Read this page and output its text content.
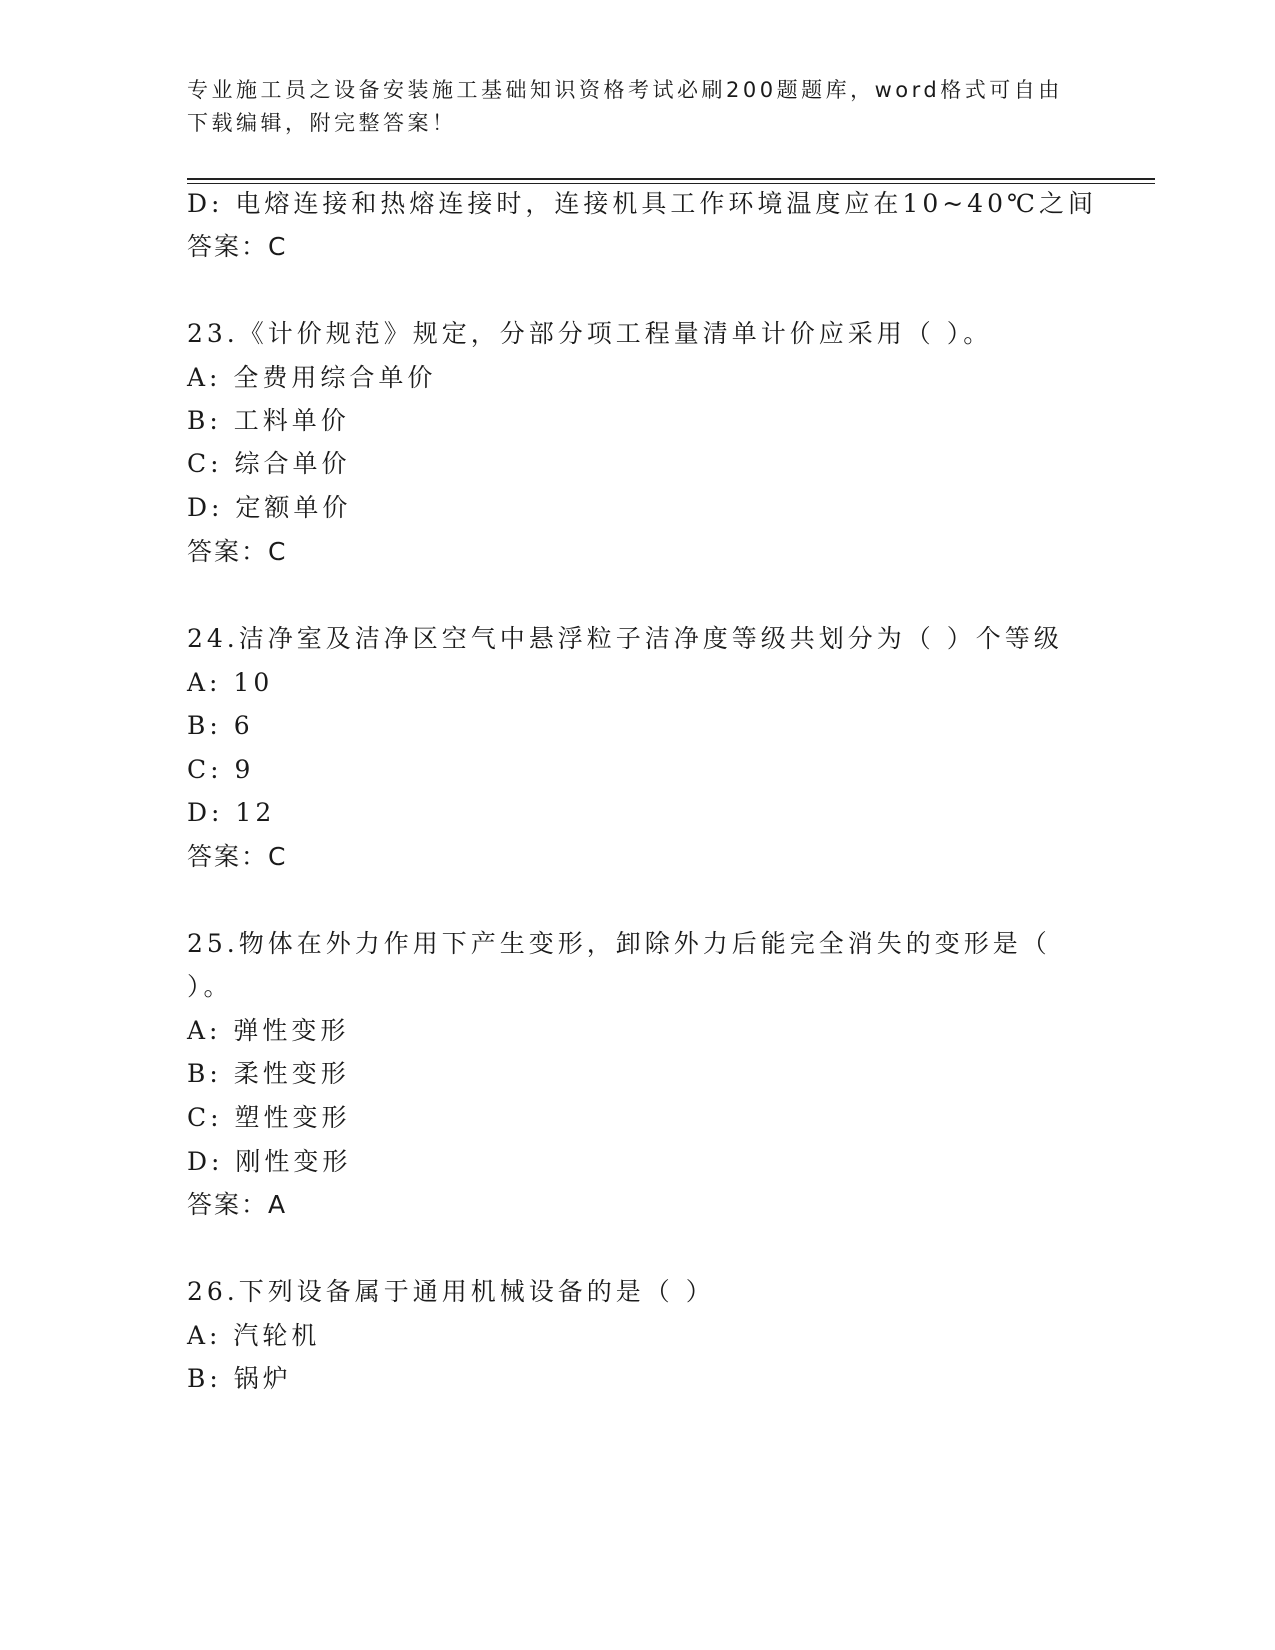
专业施工员之设备安装施工基础知识资格考试必刷200题题库，word格式可自由下载编辑，附完整答案！
D: 电熔连接和热熔连接时，连接机具工作环境温度应在10~40℃之间
答案：C
23.《计价规范》规定，分部分项工程量清单计价应采用（ ）。
A: 全费用综合单价
B: 工料单价
C: 综合单价
D: 定额单价
答案：C
24.洁净室及洁净区空气中悬浮粒子洁净度等级共划分为（ ）个等级
A: 10
B: 6
C: 9
D: 12
答案：C
25.物体在外力作用下产生变形，卸除外力后能完全消失的变形是（
）。
A: 弹性变形
B: 柔性变形
C: 塑性变形
D: 刚性变形
答案：A
26.下列设备属于通用机械设备的是（ ）
A: 汽轮机
B: 锅炉
